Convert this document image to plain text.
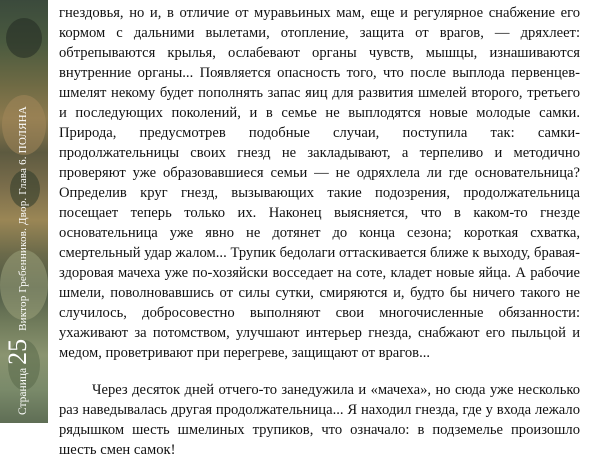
Страница
25
Виктор Гребенников. Двор. Глава 6. ПОЛЯНА

гнездовья, но и, в отличие от муравьиных мам, еще и регулярное снабжение его кормом с дальними вылетами, отопление, защита от врагов, — дряхлеет: обтрепываются крылья, ослабевают органы чувств, мышцы, изнашиваются внутренние органы... Появляется опасность того, что после выплода первенцев-шмелят некому будет пополнять запас яиц для развития шмелей второго, третьего и последующих поколений, и в семье не выплодятся новые молодые самки. Природа, предусмотрев подобные случаи, поступила так: самки-продолжательницы своих гнезд не закладывают, а терпеливо и методично проверяют уже образовавшиеся семьи — не одряхлела ли где основательница? Определив круг гнезд, вызывающих такие подозрения, продолжательница посещает теперь только их. Наконец выясняется, что в каком-то гнезде основательница уже явно не дотянет до конца сезона; короткая схватка, смертельный удар жалом... Трупик бедолаги оттаскивается ближе к выходу, бравая-здоровая мачеха уже по-хозяйски восседает на соте, кладет новые яйца. А рабочие шмели, поволновавшись от силы сутки, смиряются и, будто бы ничего такого не случилось, добросовестно выполняют свои многочисленные обязанности: ухаживают за потомством, улучшают интерьер гнезда, снабжают его пыльцой и медом, проветривают при перегреве, защищают от врагов...

Через десяток дней отчего-то занедужила и «мачеха», но сюда уже несколько раз наведывалась другая продолжательница... Я находил гнезда, где у входа лежало рядышком шесть шмелиных трупиков, что означало: в подземелье произошло шесть смен самок!
